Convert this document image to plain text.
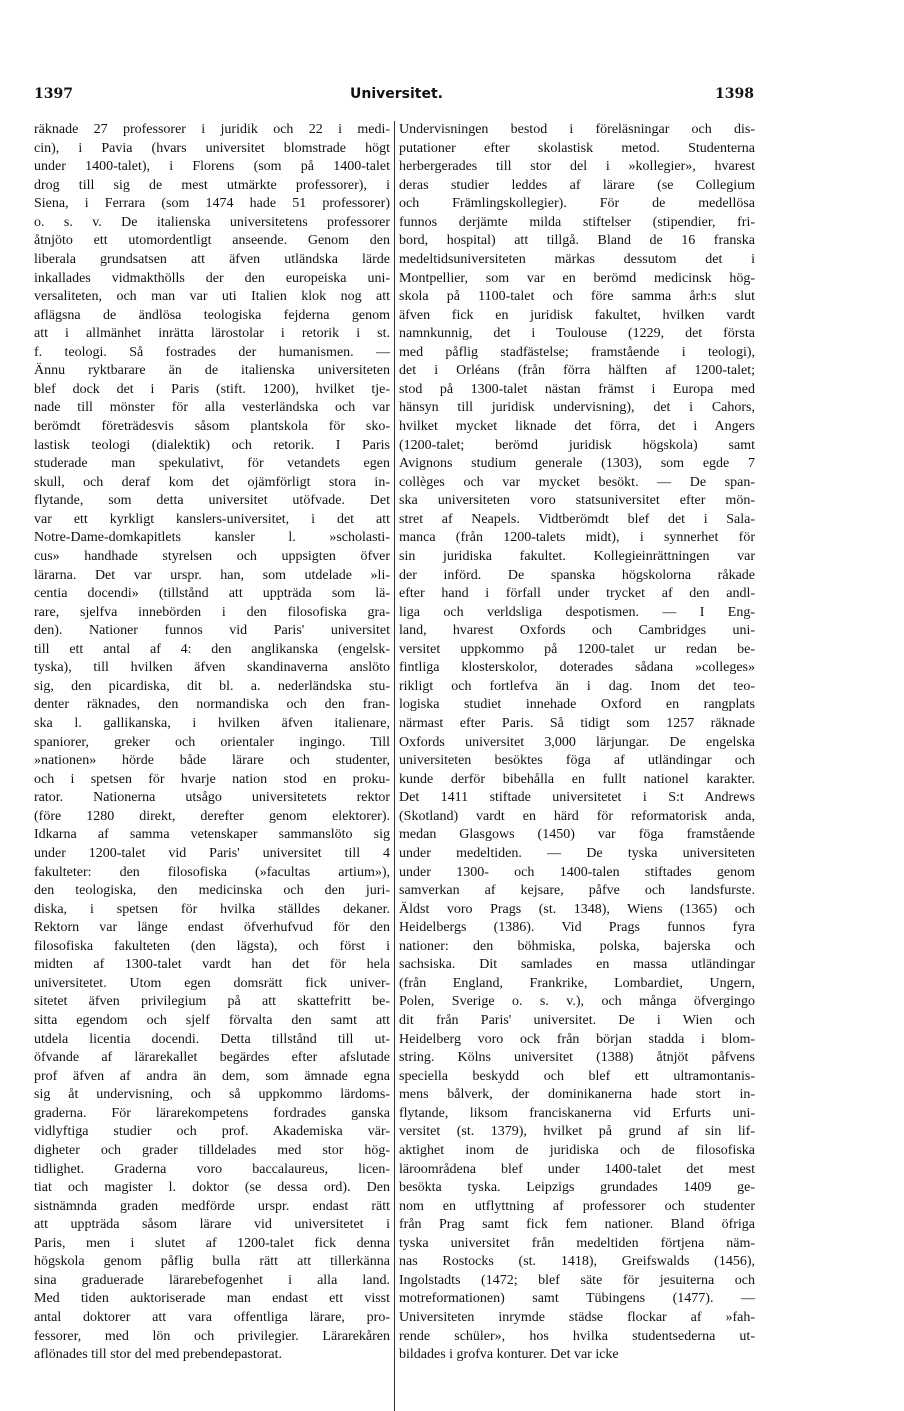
1397	Universitet.	1398
räknade 27 professorer i juridik och 22 i medi-
cin), i Pavia (hvars universitet blomstrade högt
under 1400-talet), i Florens (som på 1400-talet
drog till sig de mest utmärkte professorer), i
Siena, i Ferrara (som 1474 hade 51 professorer)
o. s. v. De italienska universitetens professorer
åtnjöto ett utomordentligt anseende. Genom den
liberala grundsatsen att äfven utländska lärde
inkallades vidmakthölls der den europeiska uni-
versaliteten, och man var uti Italien klok nog att
aflägsna de ändlösa teologiska fejderna genom
att i allmänhet inrätta lärostolar i retorik i st.
f. teologi. Så fostrades der humanismen. —
Ännu ryktbarare än de italienska universiteten
blef dock det i Paris (stift. 1200), hvilket tje-
nade till mönster för alla vesterländska och var
berömdt företrädesvis såsom plantskola för sko-
lastisk teologi (dialektik) och retorik. I Paris
studerade man spekulativt, för vetandets egen
skull, och deraf kom det ojämförligt stora in-
flytande, som detta universitet utöfvade. Det
var ett kyrkligt kanslers-universitet, i det att
Notre-Dame-domkapitlets kansler l. »scholasti-
cus» handhade styrelsen och uppsigten öfver
lärarna. Det var urspr. han, som utdelade »li-
centia docendi» (tillstånd att uppträda som lä-
rare, sjelfva innebörden i den filosofiska gra-
den). Nationer funnos vid Paris' universitet
till ett antal af 4: den anglikanska (engelsk-
tyska), till hvilken äfven skandinaverna anslöto
sig, den picardiska, dit bl. a. nederländska stu-
denter räknades, den normandiska och den fran-
ska l. gallikanska, i hvilken äfven italienare,
spaniorer, greker och orientaler ingingo. Till
»nationen» hörde både lärare och studenter,
och i spetsen för hvarje nation stod en proku-
rator. Nationerna utsågo universitetets rektor
(före 1280 direkt, derefter genom elektorer).
Idkarna af samma vetenskaper sammanslöto sig
under 1200-talet vid Paris' universitet till 4
fakulteter: den filosofiska (»facultas artium»),
den teologiska, den medicinska och den juri-
diska, i spetsen för hvilka ställdes dekaner.
Rektorn var länge endast öfverhufvud för den
filosofiska fakulteten (den lägsta), och först i
midten af 1300-talet vardt han det för hela
universitetet. Utom egen domsrätt fick univer-
sitetet äfven privilegium på att skattefritt be-
sitta egendom och sjelf förvalta den samt att
utdela licentia docendi. Detta tillstånd till ut-
öfvande af lärarekallet begärdes efter afslutade
prof äfven af andra än dem, som ämnade egna
sig åt undervisning, och så uppkommo lärdoms-
graderna. För lärarekompetens fordrades ganska
vidlyftiga studier och prof. Akademiska vär-
digheter och grader tilldelades med stor hög-
tidlighet. Graderna voro baccalaureus, licen-
tiat och magister l. doktor (se dessa ord). Den
sistnämnda graden medförde urspr. endast rätt
att uppträda såsom lärare vid universitetet i
Paris, men i slutet af 1200-talet fick denna
högskola genom påflig bulla rätt att tillerkänna
sina graduerade lärarebefogenhet i alla land.
Med tiden auktoriserade man endast ett visst
antal doktorer att vara offentliga lärare, pro-
fessorer, med lön och privilegier. Lärarekåren
aflönades till stor del med prebendepastorat.
Undervisningen bestod i föreläsningar och dis-
putationer efter skolastisk metod. Studenterna
herbergerades till stor del i »kollegier», hvarest
deras studier leddes af lärare (se Collegium
och Främlingskollegier). För de medellösa
funnos derjämte milda stiftelser (stipendier, fri-
bord, hospital) att tillgå. Bland de 16 franska
medeltidsuniversiteten märkas dessutom det i
Montpellier, som var en berömd medicinsk hög-
skola på 1100-talet och före samma årh:s slut
äfven fick en juridisk fakultet, hvilken vardt
namnkunnig, det i Toulouse (1229, det första
med påflig stadfästelse; framstående i teologi),
det i Orléans (från förra hälften af 1200-talet;
stod på 1300-talet nästan främst i Europa med
hänsyn till juridisk undervisning), det i Cahors,
hvilket mycket liknade det förra, det i Angers
(1200-talet; berömd juridisk högskola) samt
Avignons studium generale (1303), som egde 7
collèges och var mycket besökt. — De span-
ska universiteten voro statsuniversitet efter mön-
stret af Neapels. Vidtberömdt blef det i Sala-
manca (från 1200-talets midt), i synnerhet för
sin juridiska fakultet. Kollegieinrättningen var
der införd. De spanska högskolorna råkade
efter hand i förfall under trycket af den andl-
liga och verldsliga despotismen. — I Eng-
land, hvarest Oxfords och Cambridges uni-
versitet uppkommo på 1200-talet ur redan be-
fintliga klosterskolor, doterades sådana »colleges»
rikligt och fortlefva än i dag. Inom det teo-
logiska studiet innehade Oxford en rangplats
närmast efter Paris. Så tidigt som 1257 räknade
Oxfords universitet 3,000 lärjungar. De engelska
universiteten besöktes föga af utländingar och
kunde derför bibehålla en fullt nationel karakter.
Det 1411 stiftade universitetet i S:t Andrews
(Skotland) vardt en härd för reformatorisk anda,
medan Glasgows (1450) var föga framstående
under medeltiden. — De tyska universiteten
under 1300- och 1400-talen stiftades genom
samverkan af kejsare, påfve och landsfurste.
Äldst voro Prags (st. 1348), Wiens (1365) och
Heidelbergs (1386). Vid Prags funnos fyra
nationer: den böhmiska, polska, bajerska och
sachsiska. Dit samlades en massa utländingar
(från England, Frankrike, Lombardiet, Ungern,
Polen, Sverige o. s. v.), och många öfvergingo
dit från Paris' universitet. De i Wien och
Heidelberg voro ock från början stadda i blom-
string. Kölns universitet (1388) åtnjöt påfvens
speciella beskydd och blef ett ultramontanis-
mens bålverk, der dominikanerna hade stort in-
flytande, liksom franciskanerna vid Erfurts uni-
versitet (st. 1379), hvilket på grund af sin lif-
aktighet inom de juridiska och de filosofiska
läroområdena blef under 1400-talet det mest
besökta tyska. Leipzigs grundades 1409 ge-
nom en utflyttning af professorer och studenter
från Prag samt fick fem nationer. Bland öfriga
tyska universitet från medeltiden förtjena näm-
nas Rostocks (st. 1418), Greifswalds (1456),
Ingolstadts (1472; blef säte för jesuiterna och
motreformationen) samt Tübingens (1477). —
Universiteten inrymde städse flockar af »fah-
rende schüler», hos hvilka studentsederna ut-
bildades i grofva konturer. Det var icke
